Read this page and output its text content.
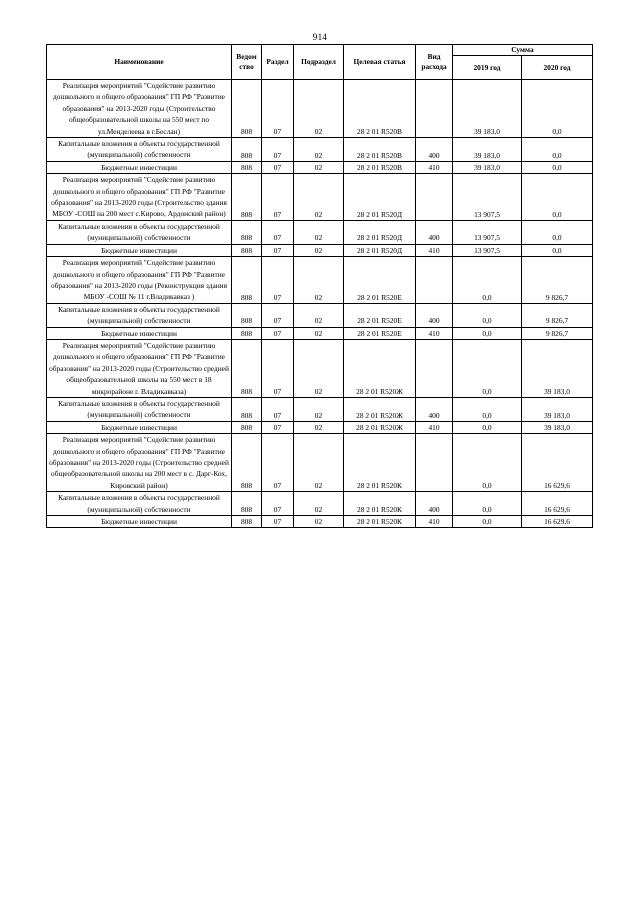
914
Наименование	Ведом ство	Раздел	Подраздел	Целевая статья	Вид расхода	Сумма	
						2019 год	2020 год
Реализация мероприятий "Содействие развитию дошкольного и общего образования" ГП РФ "Развитие образования" на 2013-2020 годы (Строительство общеобразовательной школы на 550 мест по ул.Менделеева в г.Беслан)	808	07	02	28 2 01 R520В		39 183,0	0,0
Капитальные вложения в объекты государственной (муниципальной) собственности	808	07	02	28 2 01 R520В	400	39 183,0	0,0
Бюджетные инвестиции	808	07	02	28 2 01 R520В	410	39 183,0	0,0
Реализация мероприятий "Содействие развитию дошкольного и общего образования" ГП РФ "Развитие образования" на 2013-2020 годы (Строительство здания МБОУ -СОШ на 200 мест с.Кирово, Ардонский район)	808	07	02	28 2 01 R520Д		13 907,5	0,0
Капитальные вложения в объекты государственной (муниципальной) собственности	808	07	02	28 2 01 R520Д	400	13 907,5	0,0
Бюджетные инвестиции	808	07	02	28 2 01 R520Д	410	13 907,5	0,0
Реализация мероприятий "Содействие развитию дошкольного и общего образования" ГП РФ "Развитие образования" на 2013-2020 годы (Реконструкция здания МБОУ -СОШ № 11 г.Владикавказ )	808	07	02	28 2 01 R520Е		0,0	9 826,7
Капитальные вложения в объекты государственной (муниципальной) собственности	808	07	02	28 2 01 R520Е	400	0,0	9 826,7
Бюджетные инвестиции	808	07	02	28 2 01 R520Е	410	0,0	9 826,7
Реализация мероприятий "Содействие развитию дошкольного и общего образования" ГП РФ "Развитие образования" на 2013-2020 годы (Строительство средней общеобразовательной школы на 550 мест в 18 микрорайоне г. Владикавказа)	808	07	02	28 2 01 R520Ж		0,0	39 183,0
Капитальные вложения в объекты государственной (муниципальной) собственности	808	07	02	28 2 01 R520Ж	400	0,0	39 183,0
Бюджетные инвестиции	808	07	02	28 2 01 R520Ж	410	0,0	39 183,0
Реализация мероприятий "Содействие развитию дошкольного и общего образования" ГП РФ "Развитие образования" на 2013-2020 годы (Строительство средней общеобразовательной школы на 200 мест в с. Дарг-Кох, Кировский район)	808	07	02	28 2 01 R520К		0,0	16 629,6
Капитальные вложения в объекты государственной (муниципальной) собственности	808	07	02	28 2 01 R520К	400	0,0	16 629,6
Бюджетные инвестиции	808	07	02	28 2 01 R520К	410	0,0	16 629,6
